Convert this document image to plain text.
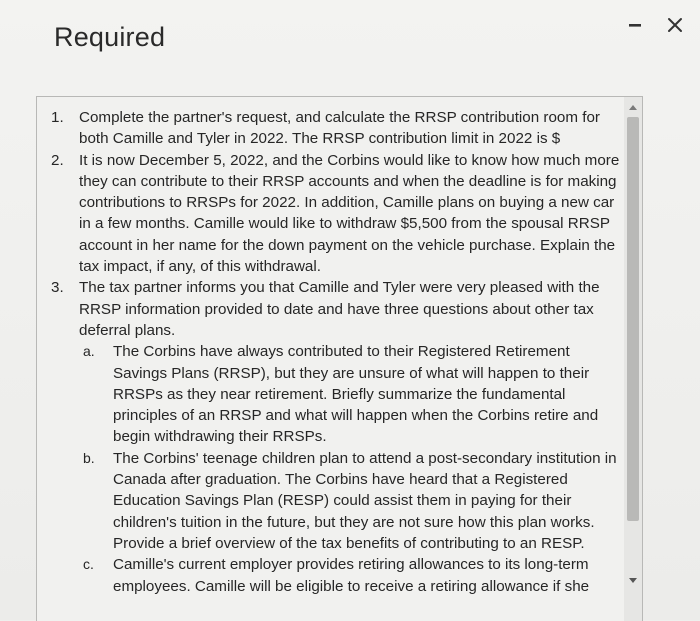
Required
1. Complete the partner's request, and calculate the RRSP contribution room for both Camille and Tyler in 2022. The RRSP contribution limit in 2022 is $
2. It is now December 5, 2022, and the Corbins would like to know how much more they can contribute to their RRSP accounts and when the deadline is for making contributions to RRSPs for 2022. In addition, Camille plans on buying a new car in a few months. Camille would like to withdraw $5,500 from the spousal RRSP account in her name for the down payment on the vehicle purchase. Explain the tax impact, if any, of this withdrawal.
3. The tax partner informs you that Camille and Tyler were very pleased with the RRSP information provided to date and have three questions about other tax deferral plans.
a. The Corbins have always contributed to their Registered Retirement Savings Plans (RRSP), but they are unsure of what will happen to their RRSPs as they near retirement. Briefly summarize the fundamental principles of an RRSP and what will happen when the Corbins retire and begin withdrawing their RRSPs.
b. The Corbins' teenage children plan to attend a post-secondary institution in Canada after graduation. The Corbins have heard that a Registered Education Savings Plan (RESP) could assist them in paying for their children's tuition in the future, but they are not sure how this plan works. Provide a brief overview of the tax benefits of contributing to an RESP.
c. Camille's current employer provides retiring allowances to its long-term employees. Camille will be eligible to receive a retiring allowance if she
